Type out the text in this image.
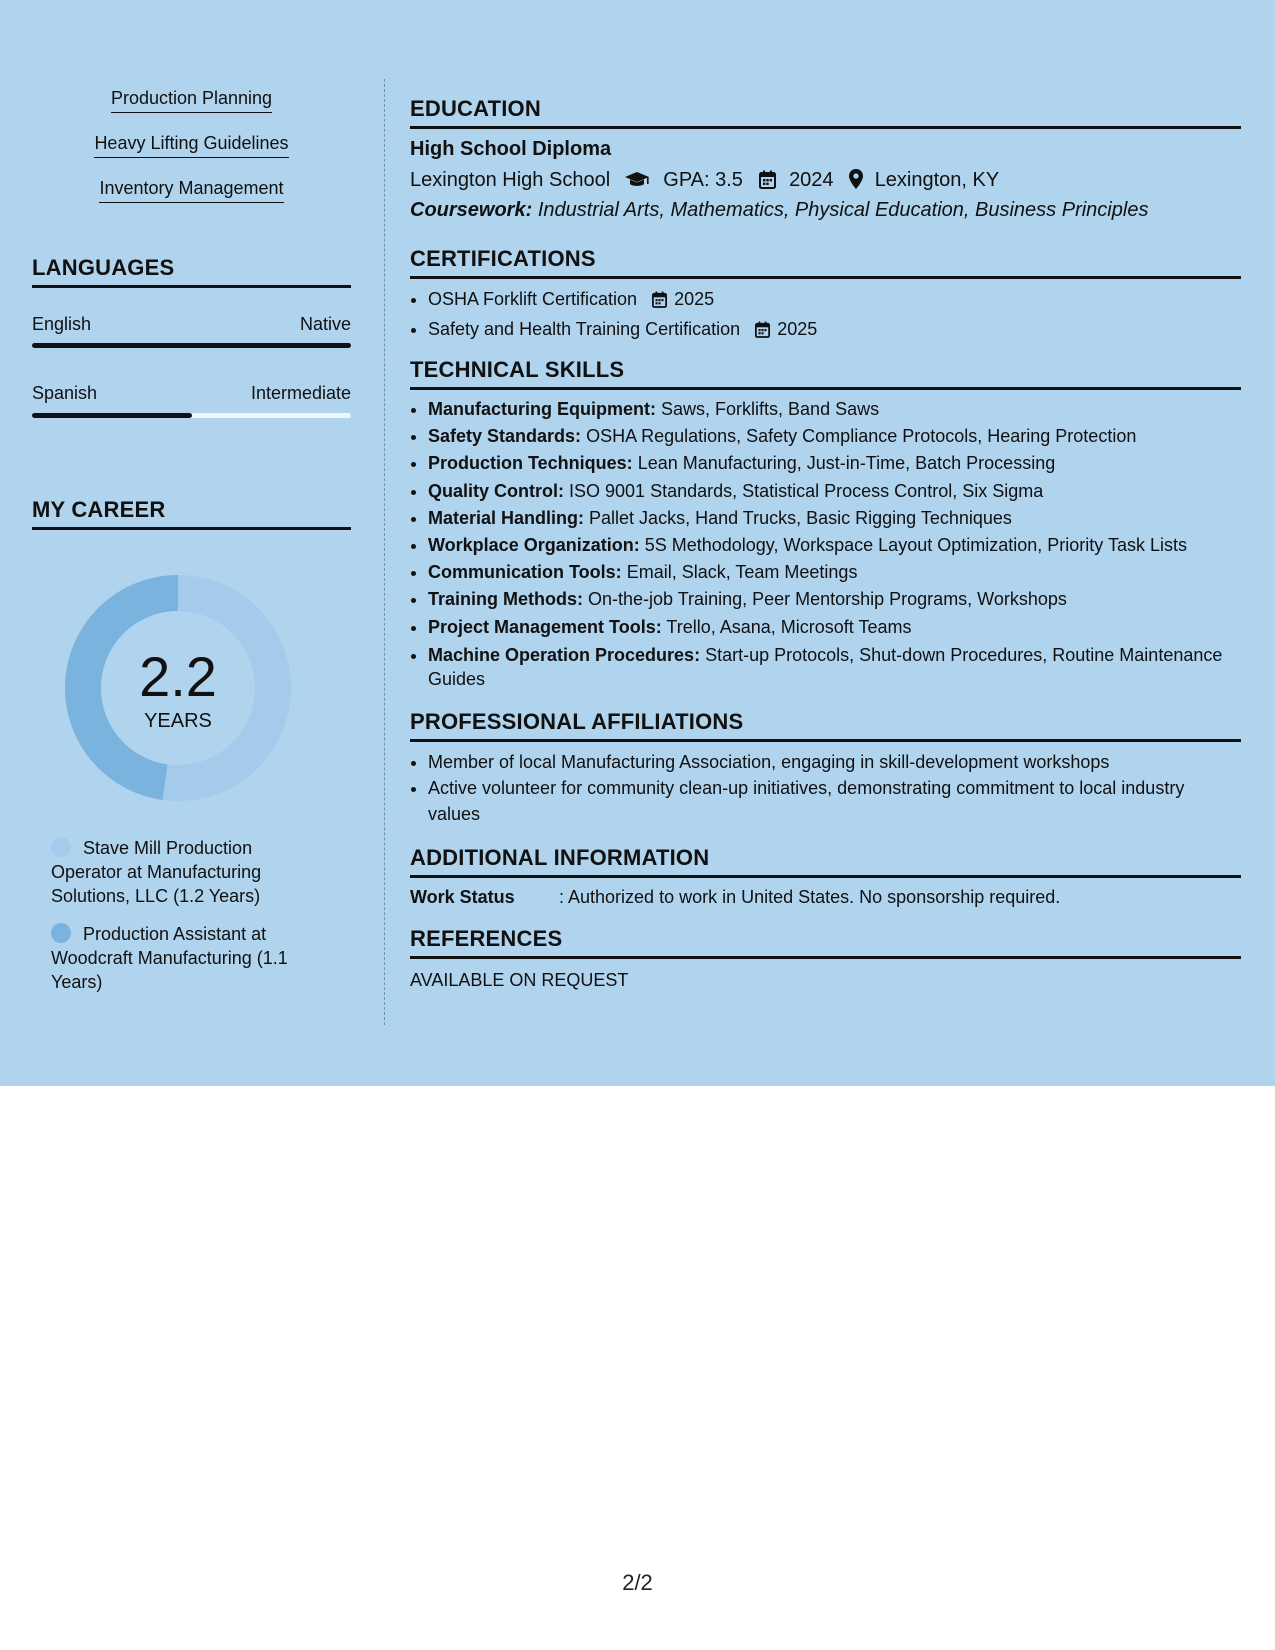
Production Planning
Heavy Lifting Guidelines
Inventory Management
LANGUAGES
English	Native
Spanish	Intermediate
MY CAREER
2.2
YEARS
Stave Mill Production Operator at Manufacturing Solutions, LLC (1.2 Years)
Production Assistant at Woodcraft Manufacturing (1.1 Years)
EDUCATION
High School Diploma
Lexington High School	GPA: 3.5 2024 Lexington, KY
Coursework: Industrial Arts, Mathematics, Physical Education, Business Principles
CERTIFICATIONS
• OSHA Forklift Certification 2025
• Safety and Health Training Certification 2025
TECHNICAL SKILLS
• Manufacturing Equipment: Saws, Forklifts, Band Saws
• Safety Standards: OSHA Regulations, Safety Compliance Protocols, Hearing Protection
• Production Techniques: Lean Manufacturing, Just-in-Time, Batch Processing
• Quality Control: ISO 9001 Standards, Statistical Process Control, Six Sigma
• Material Handling: Pallet Jacks, Hand Trucks, Basic Rigging Techniques
• Workplace Organization: 5S Methodology, Workspace Layout Optimization, Priority Task Lists
• Communication Tools: Email, Slack, Team Meetings
• Training Methods: On-the-job Training, Peer Mentorship Programs, Workshops
• Project Management Tools: Trello, Asana, Microsoft Teams
• Machine Operation Procedures: Start-up Protocols, Shut-down Procedures, Routine Maintenance Guides
PROFESSIONAL AFFILIATIONS
• Member of local Manufacturing Association, engaging in skill-development workshops
• Active volunteer for community clean-up initiatives, demonstrating commitment to local industry values
ADDITIONAL INFORMATION
Work Status : Authorized to work in United States. No sponsorship required.
REFERENCES
AVAILABLE ON REQUEST
2/2
